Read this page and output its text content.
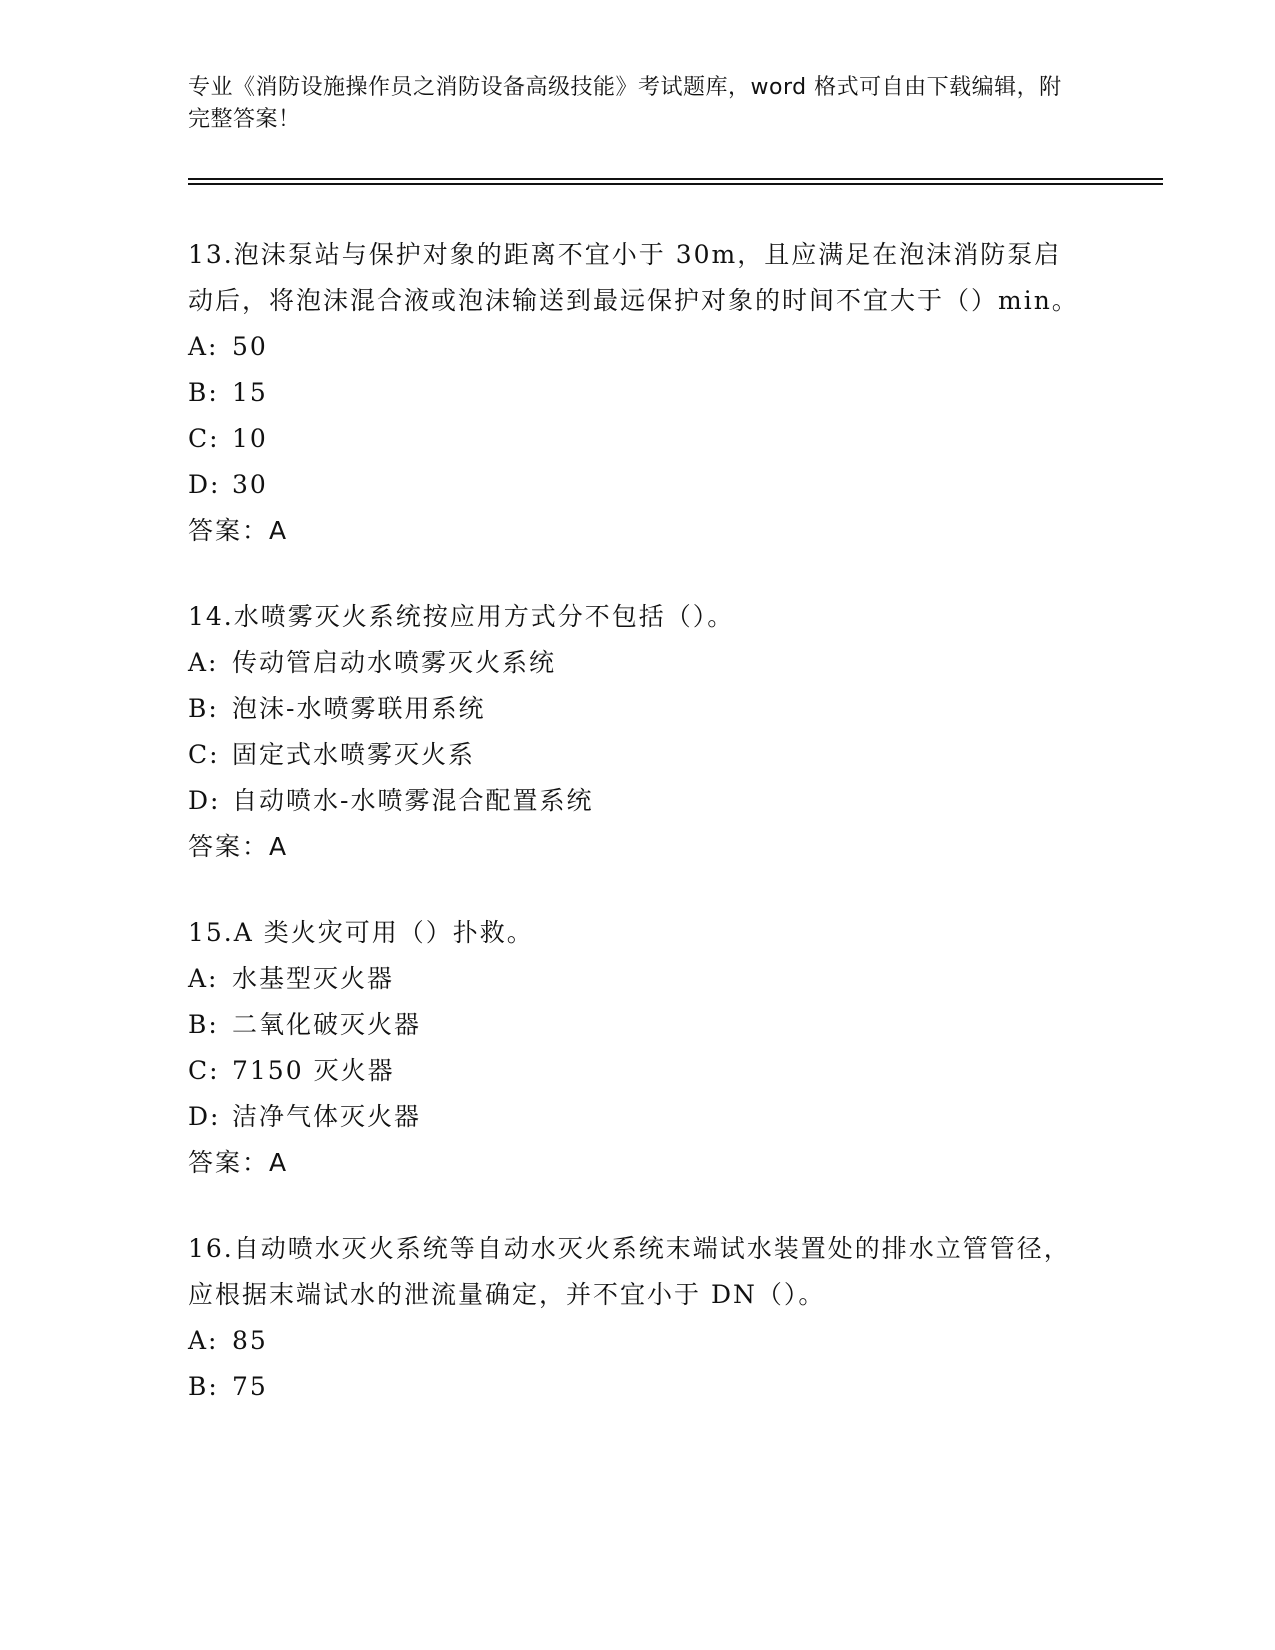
专业《消防设施操作员之消防设备高级技能》考试题库，word 格式可自由下载编辑，附完整答案！
13.泡沫泵站与保护对象的距离不宜小于 30m，且应满足在泡沫消防泵启动后，将泡沫混合液或泡沫输送到最远保护对象的时间不宜大于（）min。
A: 50
B: 15
C: 10
D: 30
答案：A
14.水喷雾灭火系统按应用方式分不包括（）。
A: 传动管启动水喷雾灭火系统
B: 泡沫-水喷雾联用系统
C: 固定式水喷雾灭火系
D: 自动喷水-水喷雾混合配置系统
答案：A
15.A 类火灾可用（）扑救。
A: 水基型灭火器
B: 二氧化破灭火器
C: 7150 灭火器
D: 洁净气体灭火器
答案：A
16.自动喷水灭火系统等自动水灭火系统末端试水装置处的排水立管管径，应根据末端试水的泄流量确定，并不宜小于 DN（）。
A: 85
B: 75
